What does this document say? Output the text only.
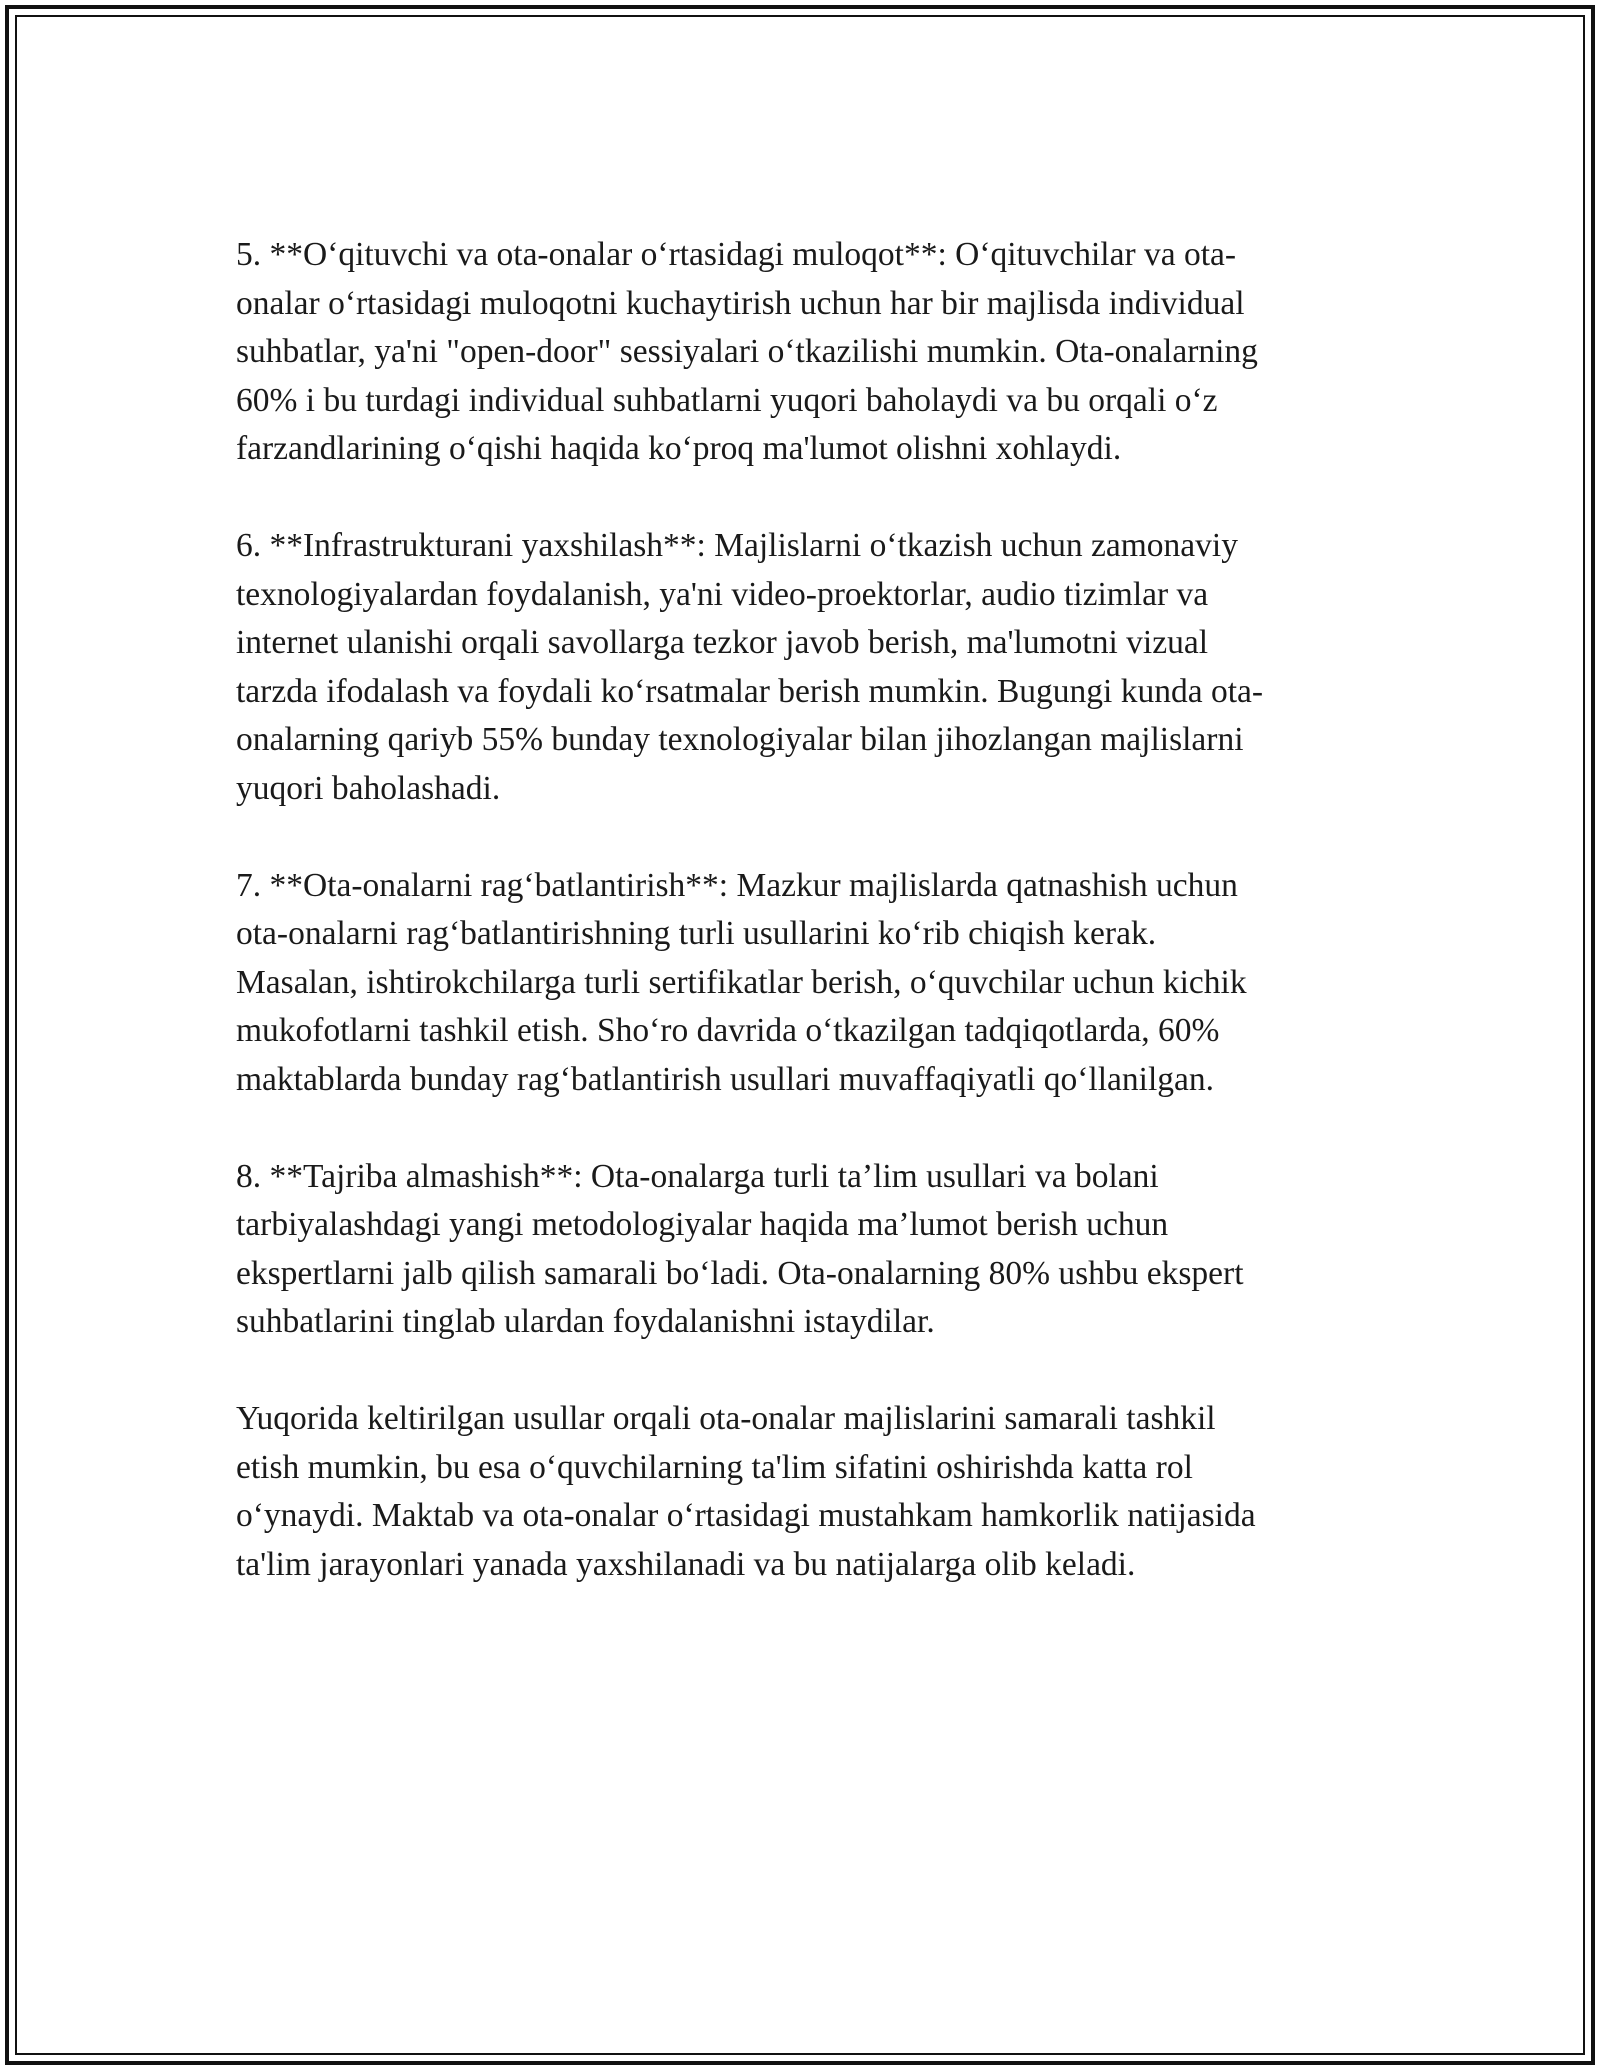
5. **O‘qituvchi va ota-onalar o‘rtasidagi muloqot**: O‘qituvchilar va ota-
onalar o‘rtasidagi muloqotni kuchaytirish uchun har bir majlisda individual
suhbatlar, ya'ni "open-door" sessiyalari o‘tkazilishi mumkin. Ota-onalarning
60% i bu turdagi individual suhbatlarni yuqori baholaydi va bu orqali o‘z
farzandlarining o‘qishi haqida ko‘proq ma'lumot olishni xohlaydi.

6. **Infrastrukturani yaxshilash**: Majlislarni o‘tkazish uchun zamonaviy
texnologiyalardan foydalanish, ya'ni video-proektorlar, audio tizimlar va
internet ulanishi orqali savollarga tezkor javob berish, ma'lumotni vizual
tarzda ifodalash va foydali ko‘rsatmalar berish mumkin. Bugungi kunda ota-
onalarning qariyb 55% bunday texnologiyalar bilan jihozlangan majlislarni
yuqori baholashadi.

7. **Ota-onalarni rag‘batlantirish**: Mazkur majlislarda qatnashish uchun
ota-onalarni rag‘batlantirishning turli usullarini ko‘rib chiqish kerak.
Masalan, ishtirokchilarga turli sertifikatlar berish, o‘quvchilar uchun kichik
mukofotlarni tashkil etish. Sho‘ro davrida o‘tkazilgan tadqiqotlarda, 60%
maktablarda bunday rag‘batlantirish usullari muvaffaqiyatli qo‘llanilgan.

8. **Tajriba almashish**: Ota-onalarga turli ta’lim usullari va bolani
tarbiyalashdagi yangi metodologiyalar haqida ma’lumot berish uchun
ekspertlarni jalb qilish samarali bo‘ladi. Ota-onalarning 80% ushbu ekspert
suhbatlarini tinglab ulardan foydalanishni istaydilar.

Yuqorida keltirilgan usullar orqali ota-onalar majlislarini samarali tashkil
etish mumkin, bu esa o‘quvchilarning ta'lim sifatini oshirishda katta rol
o‘ynaydi. Maktab va ota-onalar o‘rtasidagi mustahkam hamkorlik natijasida
ta'lim jarayonlari yanada yaxshilanadi va bu natijalarga olib keladi.
